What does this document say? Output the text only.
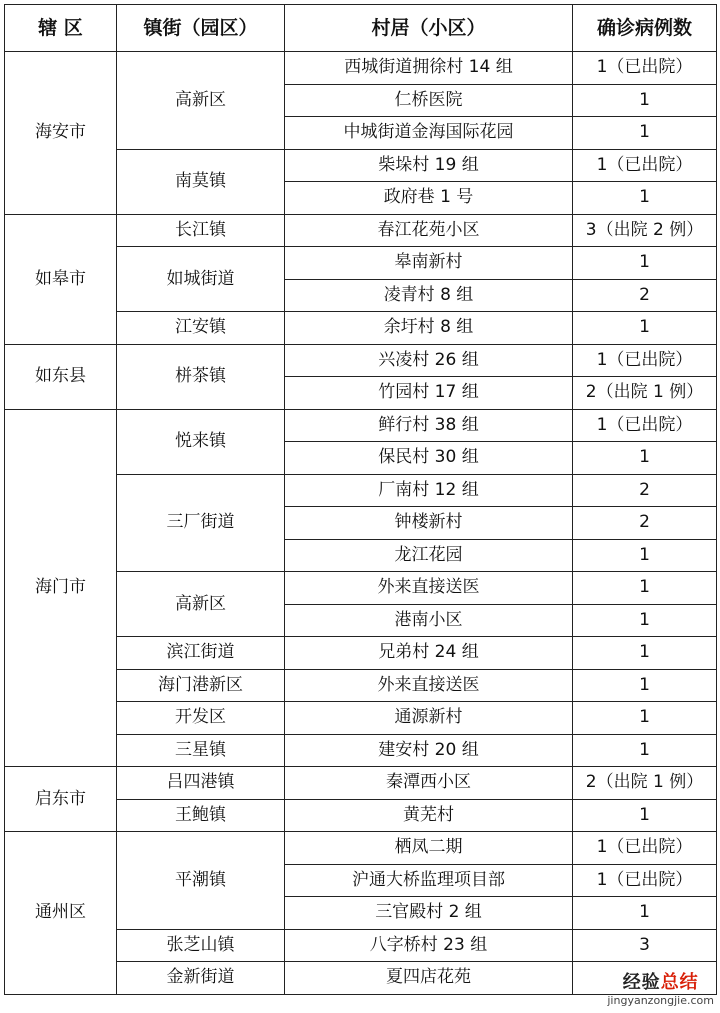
辖 区	镇街（园区）	村居（小区）	确诊病例数
海安市	高新区	西城街道拥徐村 14 组	1（已出院）
		仁桥医院	1
		中城街道金海国际花园	1
	南莫镇	柴垛村 19 组	1（已出院）
		政府巷 1 号	1
如皋市	长江镇	春江花苑小区	3（出院 2 例）
	如城街道	皋南新村	1
		凌青村 8 组	2
	江安镇	余圩村 8 组	1
如东县	栟茶镇	兴凌村 26 组	1（已出院）
		竹园村 17 组	2（出院 1 例）
海门市	悦来镇	鲜行村 38 组	1（已出院）
		保民村 30 组	1
	三厂街道	厂南村 12 组	2
		钟楼新村	2
		龙江花园	1
	高新区	外来直接送医	1
		港南小区	1
	滨江街道	兄弟村 24 组	1
	海门港新区	外来直接送医	1
	开发区	通源新村	1
	三星镇	建安村 20 组	1
启东市	吕四港镇	秦潭西小区	2（出院 1 例）
	王鲍镇	黄芜村	1
通州区	平潮镇	栖凤二期	1（已出院）
		沪通大桥监理项目部	1（已出院）
		三官殿村 2 组	1
	张芝山镇	八字桥村 23 组	3
	金新街道	夏四店花苑		经验总结
jingyanzongjie.com
